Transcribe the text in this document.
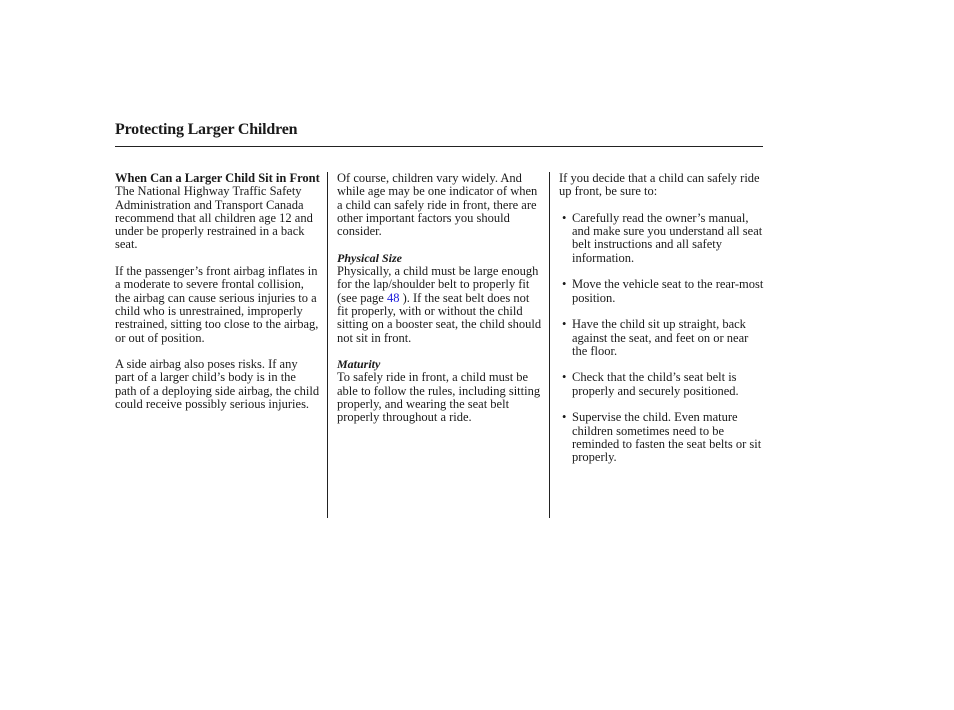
Protecting Larger Children

When Can a Larger Child Sit in Front

The National Highway Traffic Safety Administration and Transport Canada recommend that all children age 12 and under be properly restrained in a back seat.

If the passenger’s front airbag inflates in a moderate to severe frontal collision, the airbag can cause serious injuries to a child who is unrestrained, improperly restrained, sitting too close to the airbag, or out of position.

A side airbag also poses risks. If any part of a larger child’s body is in the path of a deploying side airbag, the child could receive possibly serious injuries.

Of course, children vary widely. And while age may be one indicator of when a child can safely ride in front, there are other important factors you should consider.

Physical Size

Physically, a child must be large enough for the lap/shoulder belt to properly fit (see page 48 ). If the seat belt does not fit properly, with or without the child sitting on a booster seat, the child should not sit in front.

Maturity

To safely ride in front, a child must be able to follow the rules, including sitting properly, and wearing the seat belt properly throughout a ride.

If you decide that a child can safely ride up front, be sure to:

• Carefully read the owner’s manual, and make sure you understand all seat belt instructions and all safety information.
• Move the vehicle seat to the rear-most position.
• Have the child sit up straight, back against the seat, and feet on or near the floor.
• Check that the child’s seat belt is properly and securely positioned.
• Supervise the child. Even mature children sometimes need to be reminded to fasten the seat belts or sit properly.
